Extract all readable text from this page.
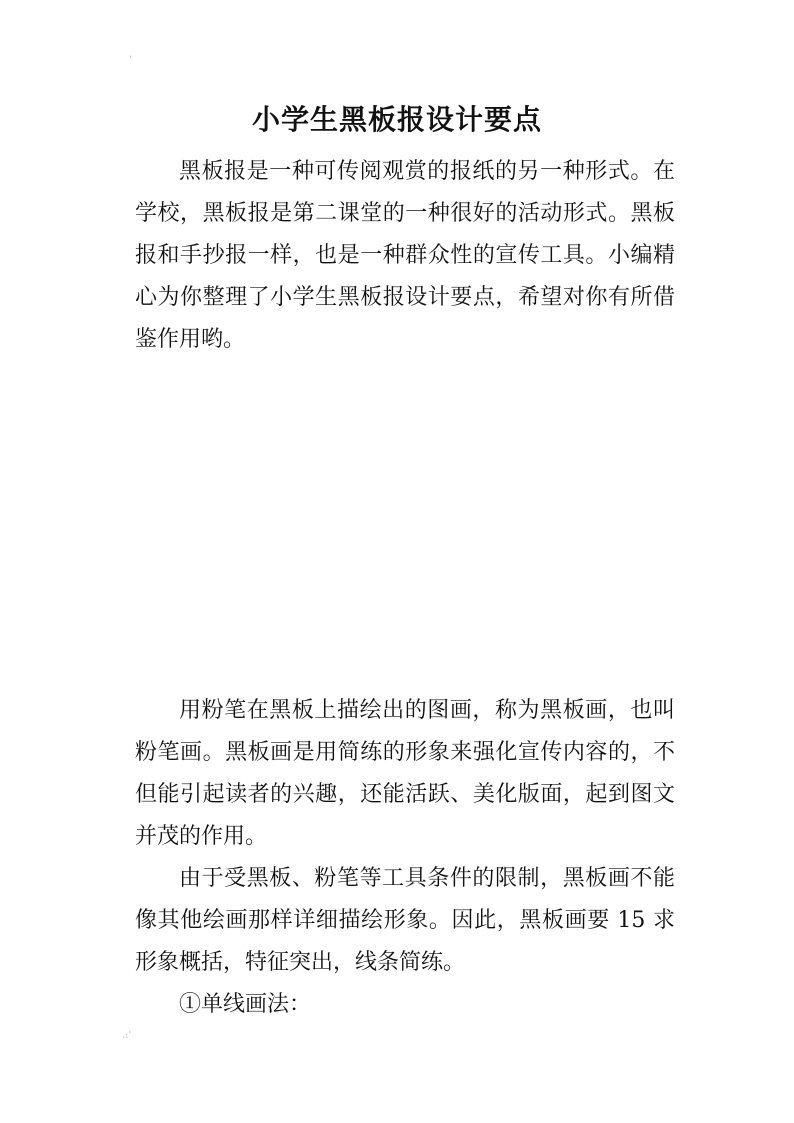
'
小学生黑板报设计要点

黑板报是一种可传阅观赏的报纸的另一种形式。在学校，黑板报是第二课堂的一种很好的活动形式。黑板报和手抄报一样，也是一种群众性的宣传工具。小编精心为你整理了小学生黑板报设计要点，希望对你有所借鉴作用哟。

用粉笔在黑板上描绘出的图画，称为黑板画，也叫粉笔画。黑板画是用简练的形象来强化宣传内容的，不但能引起读者的兴趣，还能活跃、美化版面，起到图文并茂的作用。

由于受黑板、粉笔等工具条件的限制，黑板画不能像其他绘画那样详细描绘形象。因此，黑板画要 15 求形象概括，特征突出，线条简练。

①单线画法：

.:'
